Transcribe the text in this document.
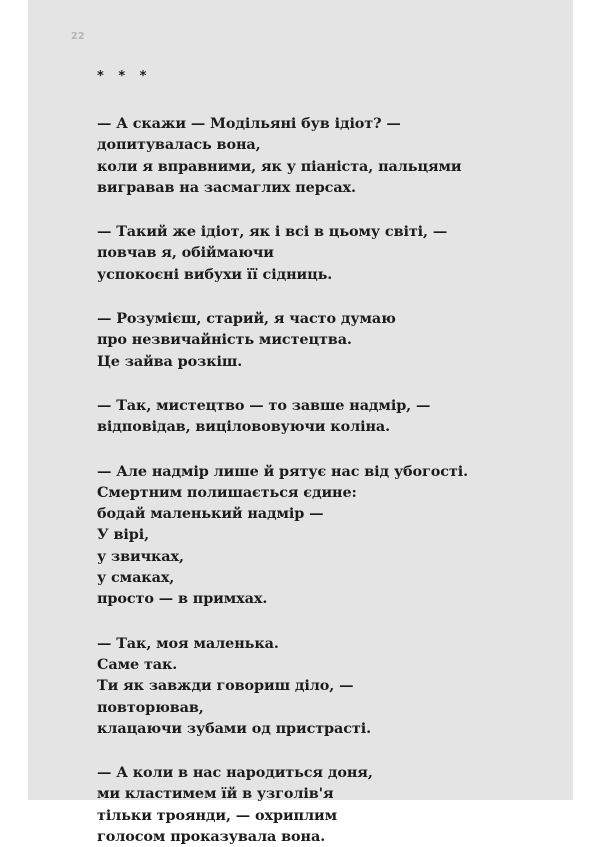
22
* * *
— А скажи — Модільяні був ідіот? —
допитувалась вона,
коли я вправними, як у піаніста, пальцями
вигравав на засмаглих персах.
— Такий же ідіот, як і всі в цьому світі, —
повчав я, обіймаючи
успокоєні вибухи її сідниць.
— Розумієш, старий, я часто думаю
про незвичайність мистецтва.
Це зайва розкіш.
— Так, мистецтво — то завше надмір, —
відповідав, вицілововуючи коліна.
— Але надмір лише й рятує нас від убогості.
Смертним полишається єдине:
бодай маленький надмір —
У вірі,
у звичках,
у смаках,
просто — в примхах.
— Так, моя маленька.
Саме так.
Ти як завжди говориш діло, —
повторював,
клацаючи зубами од пристрасті.
— А коли в нас народиться доня,
ми кластимем їй в узголів'я
тільки троянди, — охриплим
голосом проказувала вона.
